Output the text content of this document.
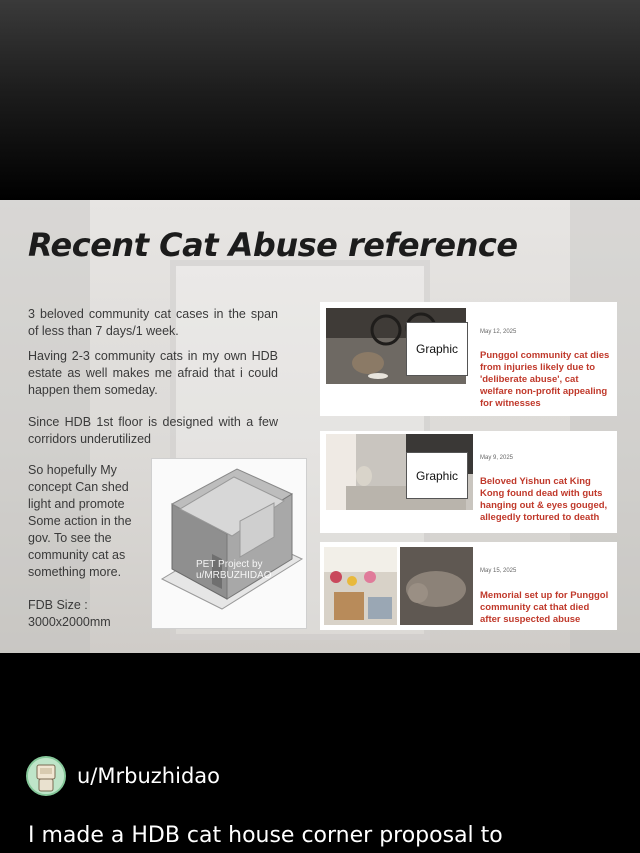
Recent Cat Abuse reference

3 beloved community cat cases in the span of less than 7 days/1 week.

Having 2-3 community cats in my own HDB estate as well makes me afraid that i could happen them someday.

Since HDB 1st floor is designed with a few corridors underutilized

So hopefully My concept Can shed light and promote Some action in the gov. To see the community cat as something more.

FDB Size :
3000x2000mm

PET Project by
u/MRBUZHIDAO
Graphic
May 12, 2025
Punggol community cat dies from injuries likely due to 'deliberate abuse', cat welfare non-profit appealing for witnesses
Graphic
May 9, 2025
Beloved Yishun cat King Kong found dead with guts hanging out & eyes gouged, allegedly tortured to death
May 15, 2025
Memorial set up for Punggol community cat that died after suspected abuse
u/Mrbuzhidao
I made a HDB cat house corner proposal to
